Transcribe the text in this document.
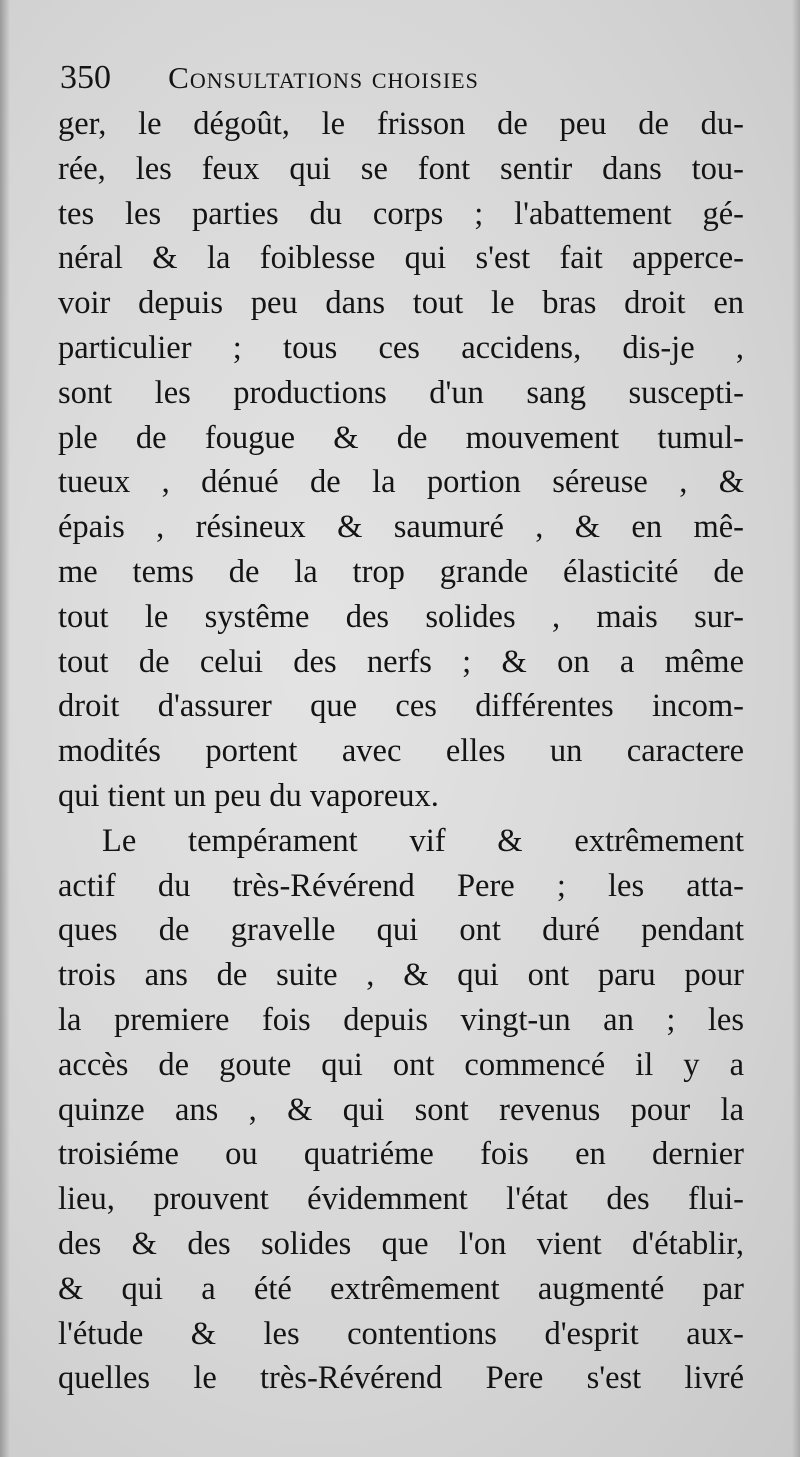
350 Consultations choisies
ger, le dégoût, le frisson de peu de du-
rée, les feux qui se font sentir dans tou-
tes les parties du corps ; l'abattement gé-
néral & la foiblesse qui s'est fait apperce-
voir depuis peu dans tout le bras droit en
particulier ; tous ces accidens, dis-je ,
sont les productions d'un sang suscepti-
ple de fougue & de mouvement tumul-
tueux , dénué de la portion séreuse , &
épais , résineux & saumuré , & en mê-
me tems de la trop grande élasticité de
tout le systême des solides , mais sur-
tout de celui des nerfs ; & on a même
droit d'assurer que ces différentes incom-
modités portent avec elles un caractere
qui tient un peu du vaporeux.
Le tempérament vif & extrêmement
actif du très-Révérend Pere ; les atta-
ques de gravelle qui ont duré pendant
trois ans de suite , & qui ont paru pour
la premiere fois depuis vingt-un an ; les
accès de goute qui ont commencé il y a
quinze ans , & qui sont revenus pour la
troisiéme ou quatriéme fois en dernier
lieu, prouvent évidemment l'état des flui-
des & des solides que l'on vient d'établir,
& qui a été extrêmement augmenté par
l'étude & les contentions d'esprit aux-
quelles le très-Révérend Pere s'est livré
